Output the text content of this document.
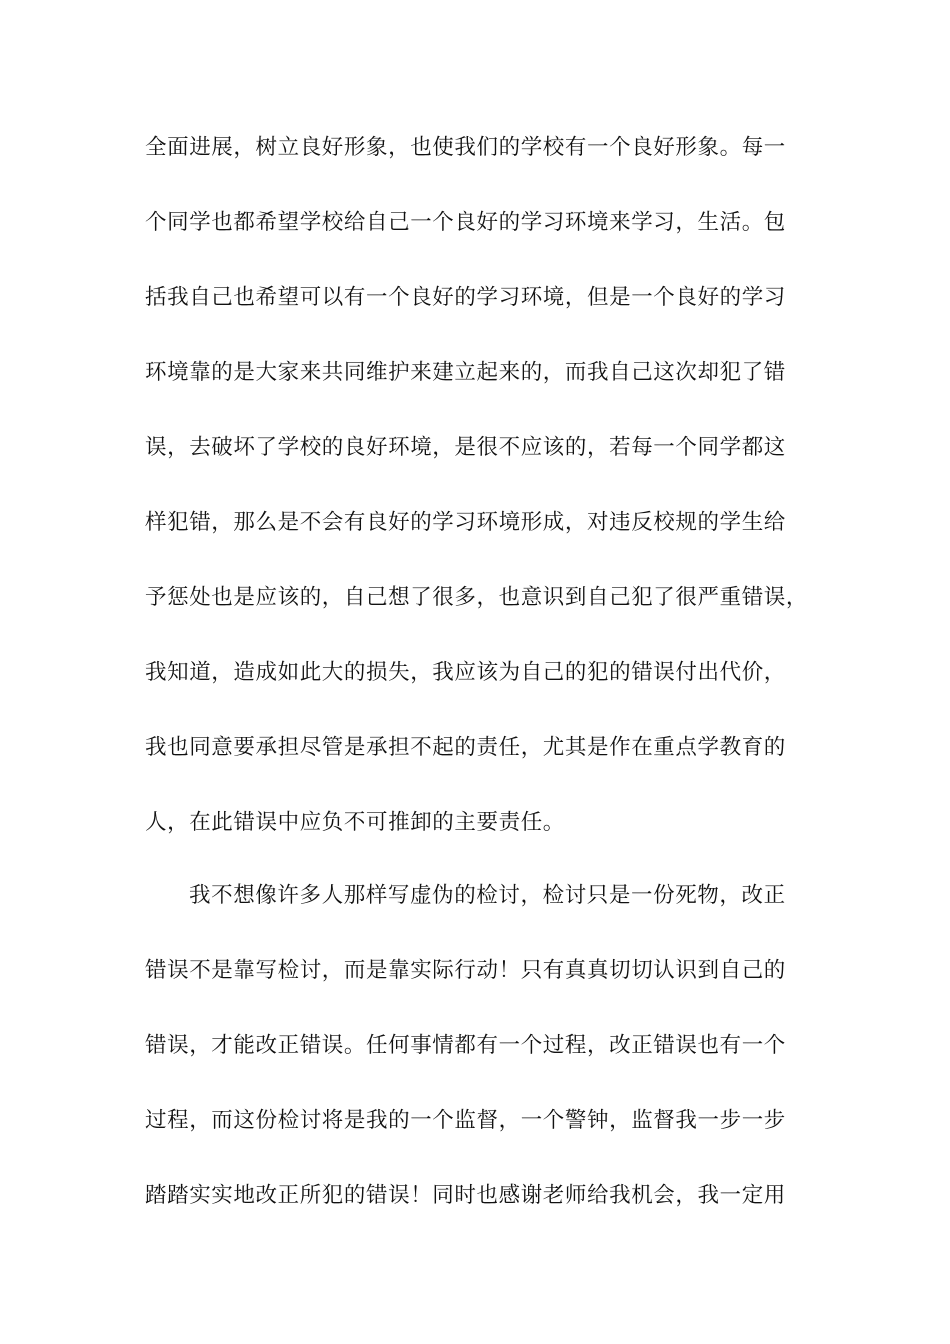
全面进展，树立良好形象，也使我们的学校有一个良好形象。每一
个同学也都希望学校给自己一个良好的学习环境来学习，生活。包
括我自己也希望可以有一个良好的学习环境，但是一个良好的学习
环境靠的是大家来共同维护来建立起来的，而我自己这次却犯了错
误，去破坏了学校的良好环境，是很不应该的，若每一个同学都这
样犯错，那么是不会有良好的学习环境形成，对违反校规的学生给
予惩处也是应该的，自己想了很多，也意识到自己犯了很严重错误，
我知道，造成如此大的损失，我应该为自己的犯的错误付出代价，
我也同意要承担尽管是承担不起的责任，尤其是作在重点学教育的
人，在此错误中应负不可推卸的主要责任。
我不想像许多人那样写虚伪的检讨，检讨只是一份死物，改正
错误不是靠写检讨，而是靠实际行动！只有真真切切认识到自己的
错误，才能改正错误。任何事情都有一个过程，改正错误也有一个
过程，而这份检讨将是我的一个监督，一个警钟，监督我一步一步
踏踏实实地改正所犯的错误！同时也感谢老师给我机会，我一定用
